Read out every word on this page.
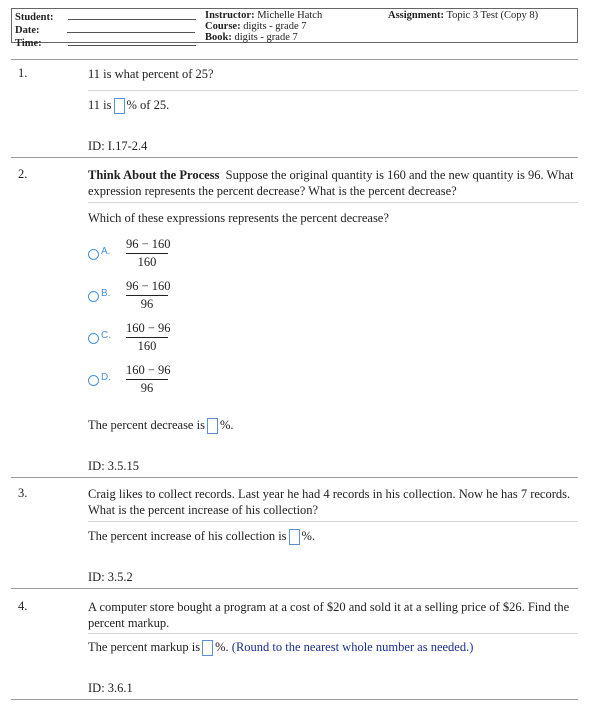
Student:
Date:
Time:
Instructor: Michelle Hatch
Course: digits - grade 7
Book: digits - grade 7
Assignment: Topic 3 Test (Copy 8)
1.	11 is what percent of 25?
11 is % of 25.
ID: I.17-2.4
2.	Think About the Process Suppose the original quantity is 160 and the new quantity is 96. What expression represents the percent decrease? What is the percent decrease?
Which of these expressions represents the percent decrease?
A. $\frac{96 - 160}{160}$
B. $\frac{96 - 160}{96}$
C. $\frac{160 - 96}{160}$
D. $\frac{160 - 96}{96}$
The percent decrease is %.
ID: 3.5.15
3.	Craig likes to collect records. Last year he had 4 records in his collection. Now he has 7 records. What is the percent increase of his collection?
The percent increase of his collection is %.
ID: 3.5.2
4.	A computer store bought a program at a cost of $20 and sold it at a selling price of $26. Find the percent markup.
The percent markup is %. (Round to the nearest whole number as needed.)
ID: 3.6.1
